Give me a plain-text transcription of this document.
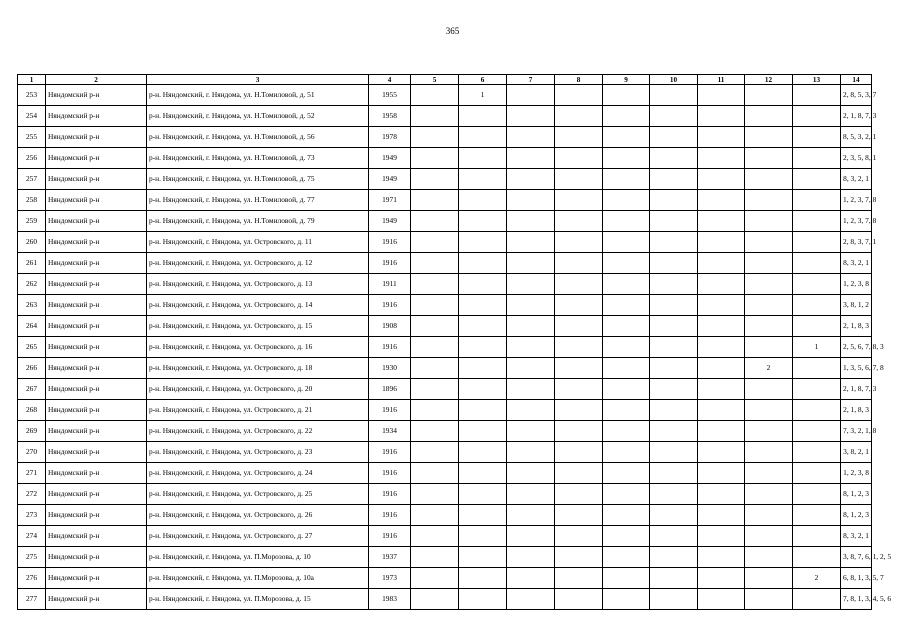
365
1	2	3	4	5	6	7	8	9	10	11	12	13	14
253	Няндомский р-н	р-н. Няндомский, г. Няндома, ул. Н.Томиловой, д. 51	1955		1								2, 8, 5, 3, 7
254	Няндомский р-н	р-н. Няндомский, г. Няндома, ул. Н.Томиловой, д. 52	1958										2, 1, 8, 7, 3
255	Няндомский р-н	р-н. Няндомский, г. Няндома, ул. Н.Томиловой, д. 56	1978										8, 5, 3, 2, 1
256	Няндомский р-н	р-н. Няндомский, г. Няндома, ул. Н.Томиловой, д. 73	1949										2, 3, 5, 8, 1
257	Няндомский р-н	р-н. Няндомский, г. Няндома, ул. Н.Томиловой, д. 75	1949										8, 3, 2, 1
258	Няндомский р-н	р-н. Няндомский, г. Няндома, ул. Н.Томиловой, д. 77	1971										1, 2, 3, 7, 8
259	Няндомский р-н	р-н. Няндомский, г. Няндома, ул. Н.Томиловой, д. 79	1949										1, 2, 3, 7, 8
260	Няндомский р-н	р-н. Няндомский, г. Няндома, ул. Островского, д. 11	1916										2, 8, 3, 7, 1
261	Няндомский р-н	р-н. Няндомский, г. Няндома, ул. Островского, д. 12	1916										8, 3, 2, 1
262	Няндомский р-н	р-н. Няндомский, г. Няндома, ул. Островского, д. 13	1911										1, 2, 3, 8
263	Няндомский р-н	р-н. Няндомский, г. Няндома, ул. Островского, д. 14	1916										3, 8, 1, 2
264	Няндомский р-н	р-н. Няндомский, г. Няндома, ул. Островского, д. 15	1908										2, 1, 8, 3
265	Няндомский р-н	р-н. Няндомский, г. Няндома, ул. Островского, д. 16	1916									1	2, 5, 6, 7, 8, 3
266	Няндомский р-н	р-н. Няндомский, г. Няндома, ул. Островского, д. 18	1930								2		1, 3, 5, 6, 7, 8
267	Няндомский р-н	р-н. Няндомский, г. Няндома, ул. Островского, д. 20	1896										2, 1, 8, 7, 3
268	Няндомский р-н	р-н. Няндомский, г. Няндома, ул. Островского, д. 21	1916										2, 1, 8, 3
269	Няндомский р-н	р-н. Няндомский, г. Няндома, ул. Островского, д. 22	1934										7, 3, 2, 1, 8
270	Няндомский р-н	р-н. Няндомский, г. Няндома, ул. Островского, д. 23	1916										3, 8, 2, 1
271	Няндомский р-н	р-н. Няндомский, г. Няндома, ул. Островского, д. 24	1916										1, 2, 3, 8
272	Няндомский р-н	р-н. Няндомский, г. Няндома, ул. Островского, д. 25	1916										8, 1, 2, 3
273	Няндомский р-н	р-н. Няндомский, г. Няндома, ул. Островского, д. 26	1916										8, 1, 2, 3
274	Няндомский р-н	р-н. Няндомский, г. Няндома, ул. Островского, д. 27	1916										8, 3, 2, 1
275	Няндомский р-н	р-н. Няндомский, г. Няндома, ул. П.Морозова, д. 10	1937										3, 8, 7, 6, 1, 2, 5
276	Няндомский р-н	р-н. Няндомский, г. Няндома, ул. П.Морозова, д. 10а	1973									2	6, 8, 1, 3, 5, 7
277	Няндомский р-н	р-н. Няндомский, г. Няндома, ул. П.Морозова, д. 15	1983										7, 8, 1, 3, 4, 5, 6
